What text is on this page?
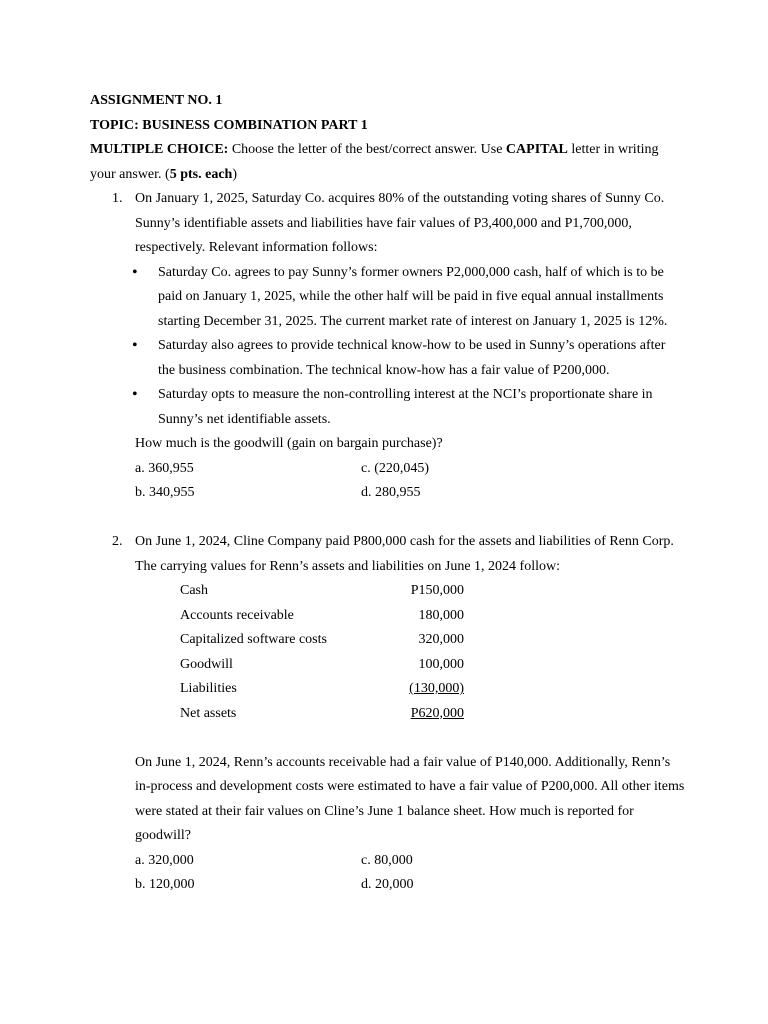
ASSIGNMENT NO. 1
TOPIC: BUSINESS COMBINATION PART 1
MULTIPLE CHOICE: Choose the letter of the best/correct answer. Use CAPITAL letter in writing
your answer. (5 pts. each)
1. On January 1, 2025, Saturday Co. acquires 80% of the outstanding voting shares of Sunny Co.
Sunny’s identifiable assets and liabilities have fair values of P3,400,000 and P1,700,000,
respectively. Relevant information follows:
• Saturday Co. agrees to pay Sunny’s former owners P2,000,000 cash, half of which is to be
paid on January 1, 2025, while the other half will be paid in five equal annual installments
starting December 31, 2025. The current market rate of interest on January 1, 2025 is 12%.
• Saturday also agrees to provide technical know-how to be used in Sunny’s operations after
the business combination. The technical know-how has a fair value of P200,000.
• Saturday opts to measure the non-controlling interest at the NCI’s proportionate share in
Sunny’s net identifiable assets.
How much is the goodwill (gain on bargain purchase)?
a. 360,955	c. (220,045)
b. 340,955	d. 280,955
2. On June 1, 2024, Cline Company paid P800,000 cash for the assets and liabilities of Renn Corp.
The carrying values for Renn’s assets and liabilities on June 1, 2024 follow:
Cash	P150,000
Accounts receivable	180,000
Capitalized software costs	320,000
Goodwill	100,000
Liabilities	(130,000)
Net assets	P620,000
On June 1, 2024, Renn’s accounts receivable had a fair value of P140,000. Additionally, Renn’s
in-process and development costs were estimated to have a fair value of P200,000. All other items
were stated at their fair values on Cline’s June 1 balance sheet. How much is reported for
goodwill?
a. 320,000	c. 80,000
b. 120,000	d. 20,000
